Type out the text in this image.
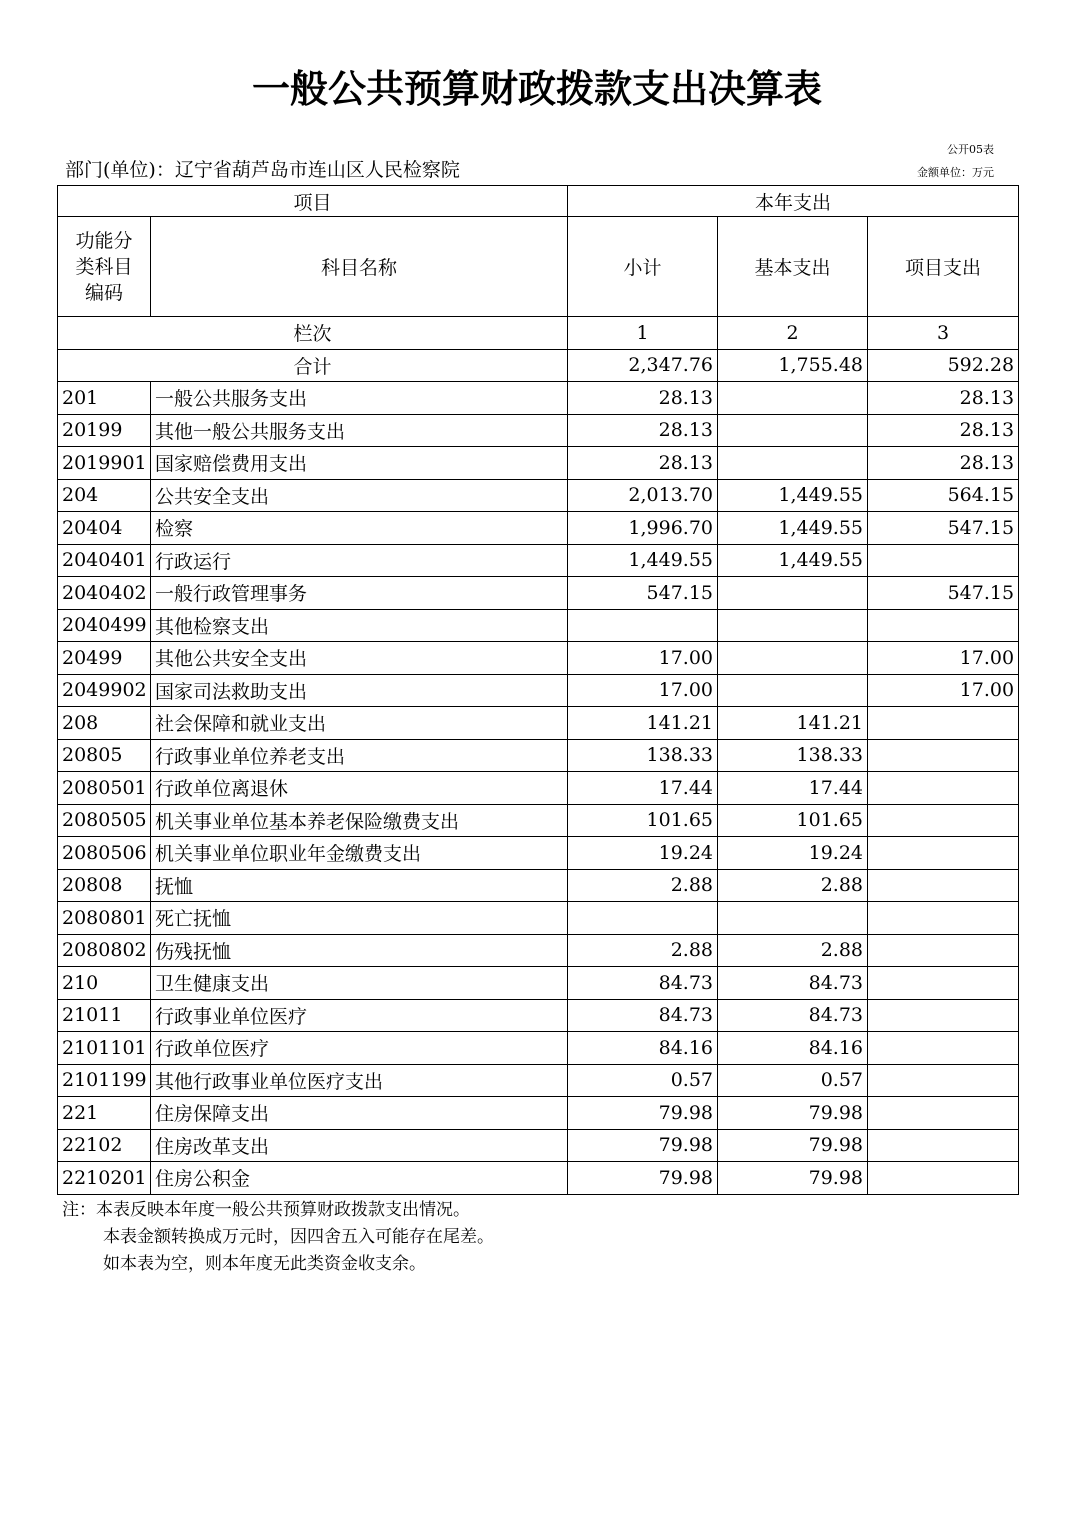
一般公共预算财政拨款支出决算表
公开05表
部门(单位)：辽宁省葫芦岛市连山区人民检察院	金额单位：万元
项目		本年支出		
功能分类科目编码	科目名称	小计	基本支出	项目支出
栏次		1	2	3
合计		2,347.76	1,755.48	592.28
201	一般公共服务支出	28.13		28.13
20199	其他一般公共服务支出	28.13		28.13
2019901	国家赔偿费用支出	28.13		28.13
204	公共安全支出	2,013.70	1,449.55	564.15
20404	检察	1,996.70	1,449.55	547.15
2040401	行政运行	1,449.55	1,449.55	
2040402	一般行政管理事务	547.15		547.15
2040499	其他检察支出			
20499	其他公共安全支出	17.00		17.00
2049902	国家司法救助支出	17.00		17.00
208	社会保障和就业支出	141.21	141.21	
20805	行政事业单位养老支出	138.33	138.33	
2080501	行政单位离退休	17.44	17.44	
2080505	机关事业单位基本养老保险缴费支出	101.65	101.65	
2080506	机关事业单位职业年金缴费支出	19.24	19.24	
20808	抚恤	2.88	2.88	
2080801	死亡抚恤			
2080802	伤残抚恤	2.88	2.88	
210	卫生健康支出	84.73	84.73	
21011	行政事业单位医疗	84.73	84.73	
2101101	行政单位医疗	84.16	84.16	
2101199	其他行政事业单位医疗支出	0.57	0.57	
221	住房保障支出	79.98	79.98	
22102	住房改革支出	79.98	79.98	
2210201	住房公积金	79.98	79.98	
注：本表反映本年度一般公共预算财政拨款支出情况。
本表金额转换成万元时，因四舍五入可能存在尾差。
如本表为空，则本年度无此类资金收支余。
